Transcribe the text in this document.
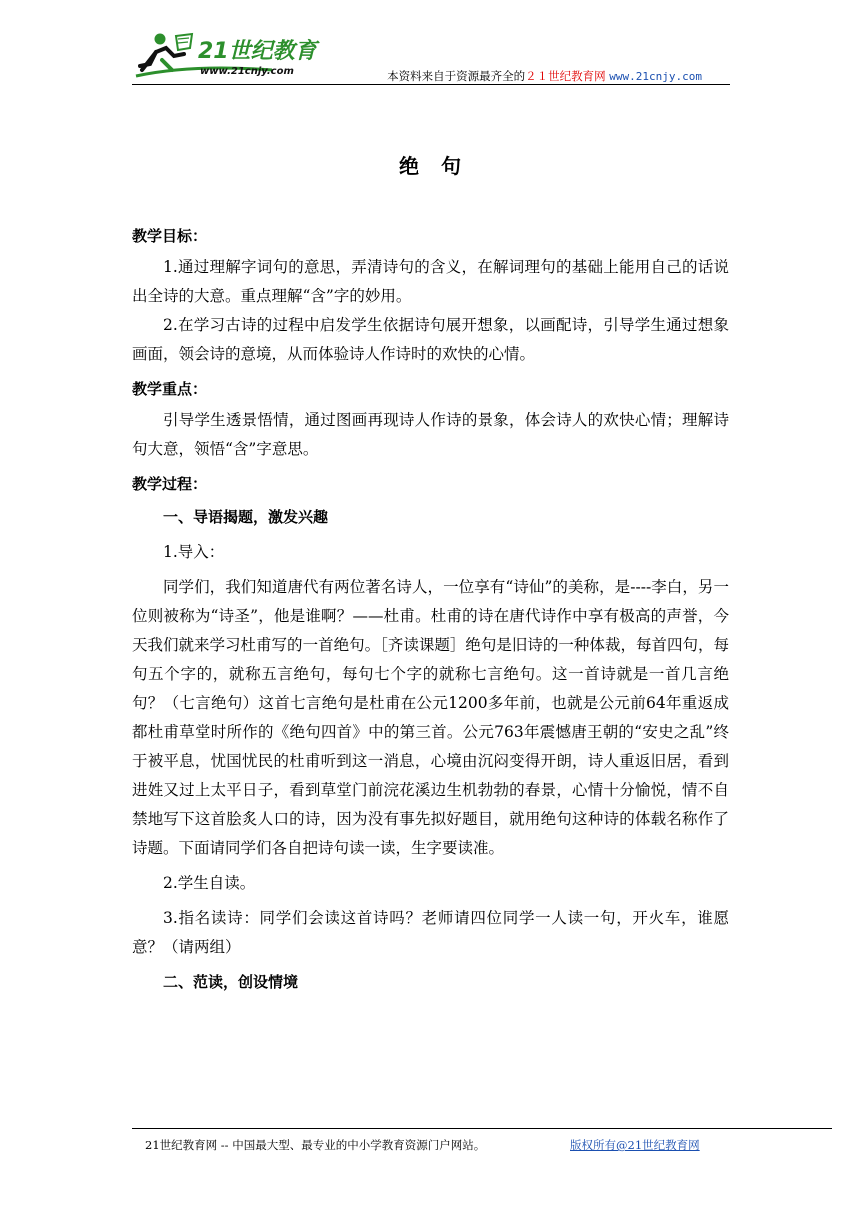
21世纪教育
www.21cnjy.com	本资料来自于资源最齐全的２１世纪教育网 www.21cnjy.com
绝句
教学目标：

1.通过理解字词句的意思，弄清诗句的含义，在解词理句的基础上能用自己的话说出全诗的大意。重点理解“含”字的妙用。

2.在学习古诗的过程中启发学生依据诗句展开想象，以画配诗，引导学生通过想象画面，领会诗的意境，从而体验诗人作诗时的欢快的心情。

教学重点：

引导学生透景悟情，通过图画再现诗人作诗的景象，体会诗人的欢快心情；理解诗句大意，领悟“含”字意思。

教学过程：
一、导语揭题，激发兴趣

1.导入：

同学们，我们知道唐代有两位著名诗人，一位享有“诗仙”的美称，是----李白，另一位则被称为“诗圣”，他是谁啊？——杜甫。杜甫的诗在唐代诗作中享有极高的声誉，今天我们就来学习杜甫写的一首绝句。［齐读课题］绝句是旧诗的一种体裁，每首四句，每句五个字的，就称五言绝句，每句七个字的就称七言绝句。这一首诗就是一首几言绝句？（七言绝句）这首七言绝句是杜甫在公元1200多年前，也就是公元前64年重返成都杜甫草堂时所作的《绝句四首》中的第三首。公元763年震憾唐王朝的“安史之乱”终于被平息，忧国忧民的杜甫听到这一消息，心境由沉闷变得开朗，诗人重返旧居，看到进姓又过上太平日子，看到草堂门前浣花溪边生机勃勃的春景，心情十分愉悦，情不自禁地写下这首脍炙人口的诗，因为没有事先拟好题目，就用绝句这种诗的体载名称作了诗题。下面请同学们各自把诗句读一读，生字要读准。

2.学生自读。

3.指名读诗：同学们会读这首诗吗？老师请四位同学一人读一句，开火车，谁愿意？（请两组）

二、范读，创设情境
21世纪教育网 -- 中国最大型、最专业的中小学教育资源门户网站。	版权所有@21世纪教育网
